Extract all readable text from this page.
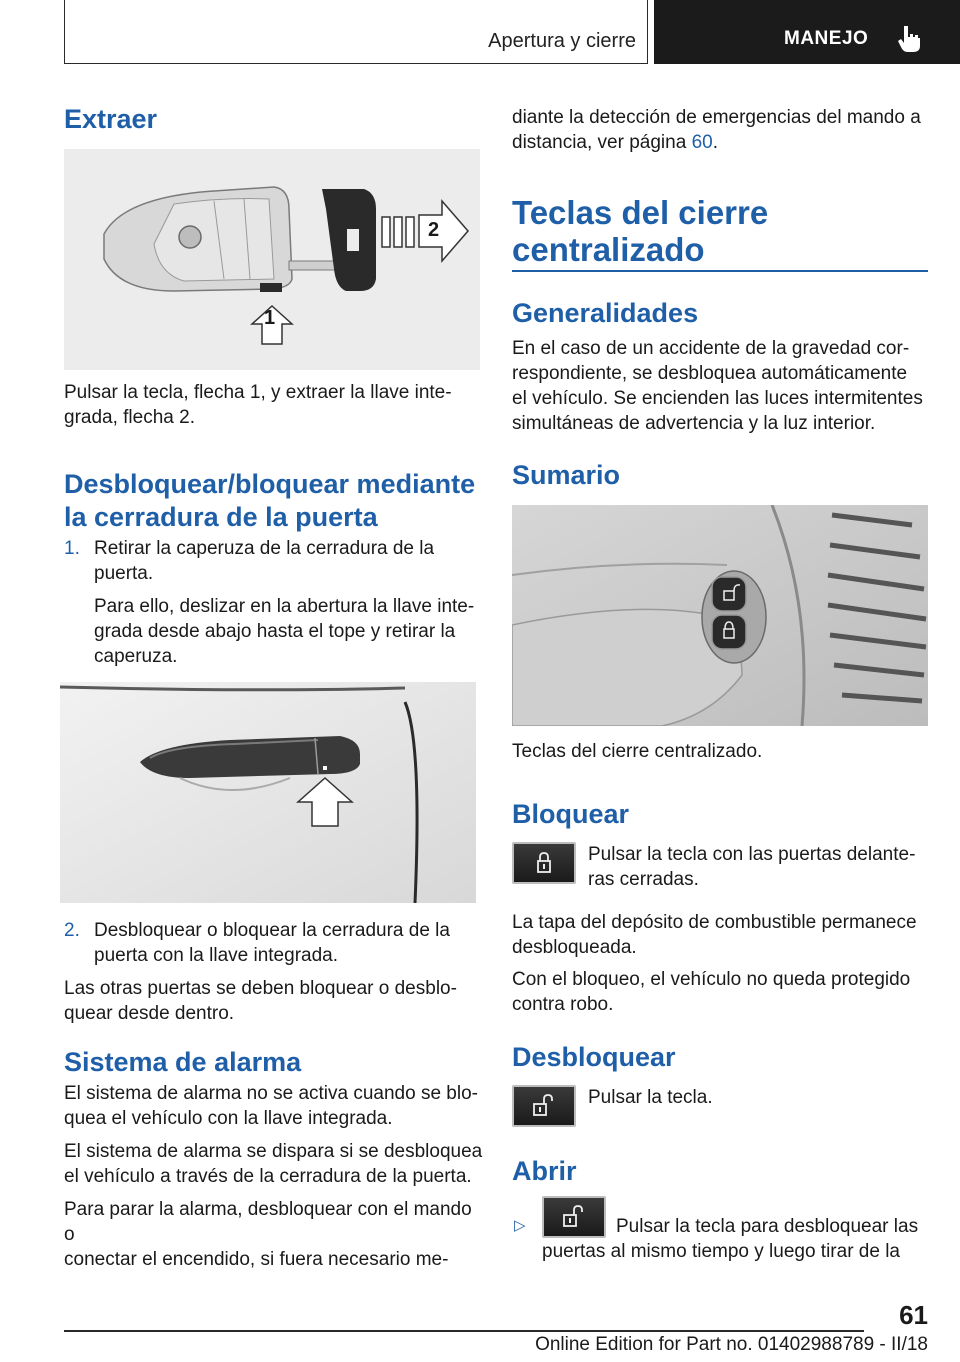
Apertura y cierre	MANEJO
Extraer
2
1
Pulsar la tecla, flecha 1, y extraer la llave inte‐
grada, flecha 2.
Desbloquear/bloquear mediante
la cerradura de la puerta
1. Retirar la caperuza de la cerradura de la
puerta.
Para ello, deslizar en la abertura la llave inte‐
grada desde abajo hasta el tope y retirar la
caperuza.
2. Desbloquear o bloquear la cerradura de la
puerta con la llave integrada.
Las otras puertas se deben bloquear o desblo‐
quear desde dentro.
Sistema de alarma
El sistema de alarma no se activa cuando se blo‐
quea el vehículo con la llave integrada.
El sistema de alarma se dispara si se desbloquea
el vehículo a través de la cerradura de la puerta.
Para parar la alarma, desbloquear con el mando o
conectar el encendido, si fuera necesario me‐
diante la detección de emergencias del mando a
distancia, ver página 60.
Teclas del cierre
centralizado
Generalidades
En el caso de un accidente de la gravedad cor‐
respondiente, se desbloquea automáticamente
el vehículo. Se encienden las luces intermitentes
simultáneas de advertencia y la luz interior.
Sumario
Teclas del cierre centralizado.
Bloquear
Pulsar la tecla con las puertas delante‐
ras cerradas.
La tapa del depósito de combustible permanece
desbloqueada.
Con el bloqueo, el vehículo no queda protegido
contra robo.
Desbloquear
Pulsar la tecla.
Abrir
▷	Pulsar la tecla para desbloquear las
puertas al mismo tiempo y luego tirar de la
61
Online Edition for Part no. 01402988789 - II/18
